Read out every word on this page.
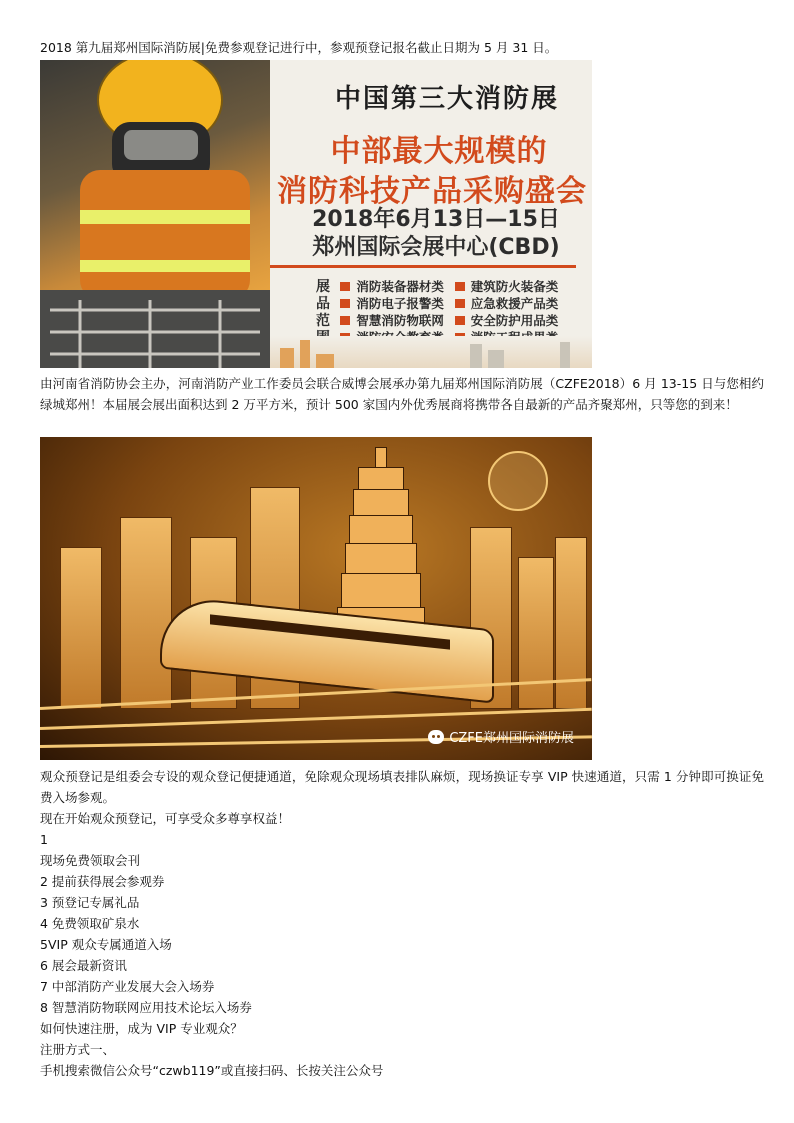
2018 第九届郑州国际消防展|免费参观登记进行中，参观预登记报名截止日期为 5 月 31 日。
中国第三大消防展
中部最大规模的
消防科技产品采购盛会
2018年6月13日—15日
郑州国际会展中心(CBD)
展 消防装备器材类 建筑防火装备类
品 消防电子报警类 应急救援产品类
范 智慧消防物联网 安全防护用品类

由河南省消防协会主办，河南消防产业工作委员会联合威博会展承办第九届郑州国际消防展（CZFE2018）6 月 13-15 日与您相约绿城郑州！本届展会展出面积达到 2 万平方米，预计 500 家国内外优秀展商将携带各自最新的产品齐聚郑州，只等您的到来！
CZFE郑州国际消防展
观众预登记是组委会专设的观众登记便捷通道，免除观众现场填表排队麻烦，现场换证专享 VIP 快速通道，只需 1 分钟即可换证免费入场参观。
现在开始观众预登记，可享受众多尊享权益！
1
现场免费领取会刊
2 提前获得展会参观券
3 预登记专属礼品
4 免费领取矿泉水
5VIP 观众专属通道入场
6 展会最新资讯
7 中部消防产业发展大会入场券
8 智慧消防物联网应用技术论坛入场券
如何快速注册，成为 VIP 专业观众？
注册方式一、
手机搜索微信公众号“czwb119”或直接扫码、长按关注公众号
